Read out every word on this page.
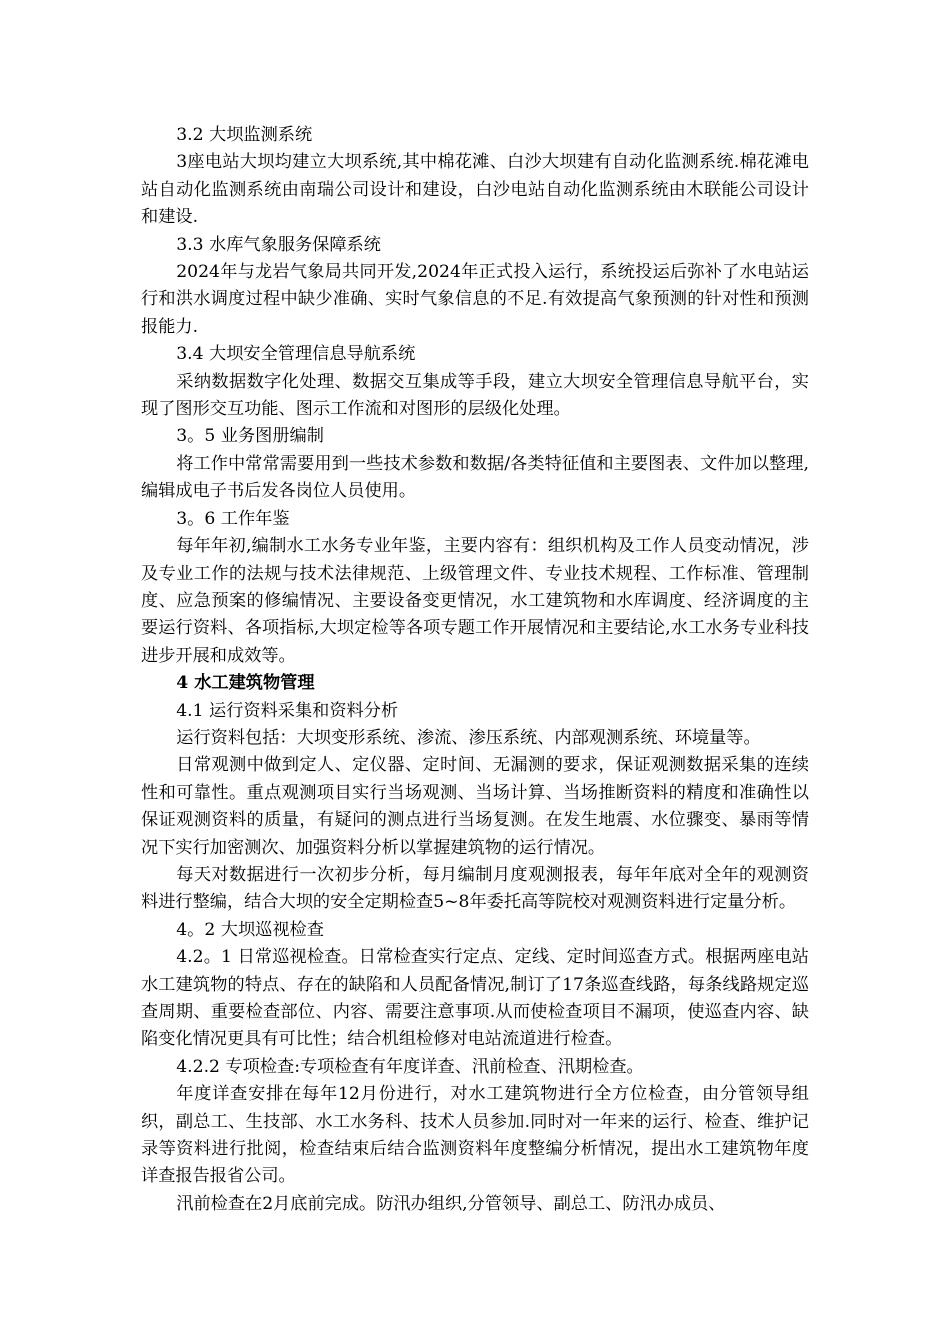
3.2 大坝监测系统
3座电站大坝均建立大坝系统,其中棉花滩、白沙大坝建有自动化监测系统.棉花滩电站自动化监测系统由南瑞公司设计和建设，白沙电站自动化监测系统由木联能公司设计和建设.
3.3 水库气象服务保障系统
2024年与龙岩气象局共同开发,2024年正式投入运行，系统投运后弥补了水电站运行和洪水调度过程中缺少准确、实时气象信息的不足.有效提高气象预测的针对性和预测报能力.
3.4 大坝安全管理信息导航系统
采纳数据数字化处理、数据交互集成等手段，建立大坝安全管理信息导航平台，实现了图形交互功能、图示工作流和对图形的层级化处理。
3。5 业务图册编制
将工作中常常需要用到一些技术参数和数据/各类特征值和主要图表、文件加以整理,编辑成电子书后发各岗位人员使用。
3。6 工作年鉴
每年年初,编制水工水务专业年鉴，主要内容有：组织机构及工作人员变动情况，涉及专业工作的法规与技术法律规范、上级管理文件、专业技术规程、工作标准、管理制度、应急预案的修编情况、主要设备变更情况，水工建筑物和水库调度、经济调度的主要运行资料、各项指标,大坝定检等各项专题工作开展情况和主要结论,水工水务专业科技进步开展和成效等。
4 水工建筑物管理
4.1 运行资料采集和资料分析
运行资料包括：大坝变形系统、渗流、渗压系统、内部观测系统、环境量等。
日常观测中做到定人、定仪器、定时间、无漏测的要求，保证观测数据采集的连续性和可靠性。重点观测项目实行当场观测、当场计算、当场推断资料的精度和准确性以保证观测资料的质量，有疑问的测点进行当场复测。在发生地震、水位骤变、暴雨等情况下实行加密测次、加强资料分析以掌握建筑物的运行情况。
每天对数据进行一次初步分析，每月编制月度观测报表，每年年底对全年的观测资料进行整编，结合大坝的安全定期检查5~8年委托高等院校对观测资料进行定量分析。
4。2 大坝巡视检查
4.2。1 日常巡视检查。日常检查实行定点、定线、定时间巡查方式。根据两座电站水工建筑物的特点、存在的缺陷和人员配备情况,制订了17条巡查线路，每条线路规定巡查周期、重要检查部位、内容、需要注意事项.从而使检查项目不漏项，使巡查内容、缺陷变化情况更具有可比性；结合机组检修对电站流道进行检查。
4.2.2 专项检查:专项检查有年度详查、汛前检查、汛期检查。
年度详查安排在每年12月份进行，对水工建筑物进行全方位检查，由分管领导组织，副总工、生技部、水工水务科、技术人员参加.同时对一年来的运行、检查、维护记录等资料进行批阅，检查结束后结合监测资料年度整编分析情况，提出水工建筑物年度详查报告报省公司。
汛前检查在2月底前完成。防汛办组织,分管领导、副总工、防汛办成员、
